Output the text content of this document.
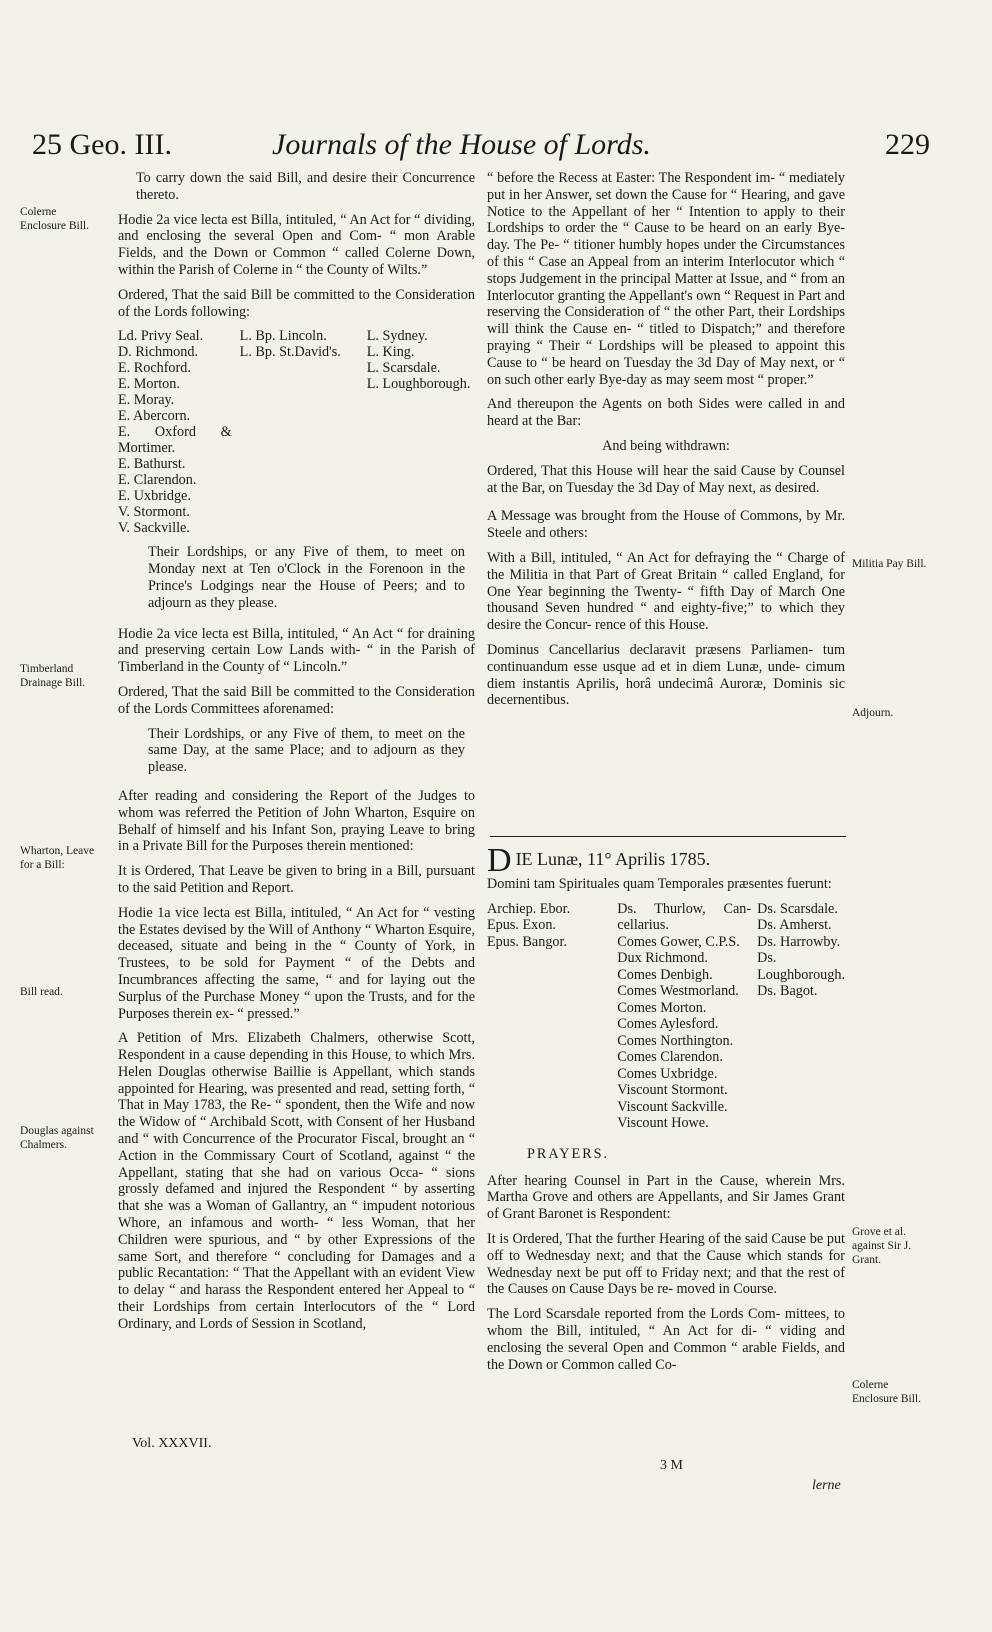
25 Geo. III.	Journals of the House of Lords.	229
Colerne Enclosure Bill.
Timberland Drainage Bill.
Wharton, Leave for a Bill:
Bill read.
Douglas against Chalmers.
Militia Pay Bill.
Adjourn.
Grove et al. against Sir J. Grant.
Colerne Enclosure Bill.

To carry down the said Bill, and desire their Concurrence thereto.

Hodie 2a vice lecta est Billa, intituled, “ An Act for “ dividing, and enclosing the several Open and Com- “ mon Arable Fields, and the Down or Common “ called Colerne Down, within the Parish of Colerne in “ the County of Wilts.”

Ordered, That the said Bill be committed to the Consideration of the Lords following:

Ld. Privy Seal.
D. Richmond.
E. Rochford.
E. Morton.
E. Moray.
E. Abercorn.
E. Oxford & Mortimer.
E. Bathurst.
E. Clarendon.
E. Uxbridge.
V. Stormont.
V. Sackville.
L. Bp. Lincoln.
L. Bp. St.David's.
L. Sydney.
L. King.
L. Scarsdale.
L. Loughborough.

Their Lordships, or any Five of them, to meet on Monday next at Ten o'Clock in the Forenoon in the Prince's Lodgings near the House of Peers; and to adjourn as they please.

Hodie 2a vice lecta est Billa, intituled, “ An Act “ for draining and preserving certain Low Lands with- “ in the Parish of Timberland in the County of “ Lincoln.”

Ordered, That the said Bill be committed to the Consideration of the Lords Committees aforenamed:

Their Lordships, or any Five of them, to meet on the same Day, at the same Place; and to adjourn as they please.

After reading and considering the Report of the Judges to whom was referred the Petition of John Wharton, Esquire on Behalf of himself and his Infant Son, praying Leave to bring in a Private Bill for the Purposes therein mentioned:

It is Ordered, That Leave be given to bring in a Bill, pursuant to the said Petition and Report.

Hodie 1a vice lecta est Billa, intituled, “ An Act for “ vesting the Estates devised by the Will of Anthony “ Wharton Esquire, deceased, situate and being in the “ County of York, in Trustees, to be sold for Payment “ of the Debts and Incumbrances affecting the same, “ and for laying out the Surplus of the Purchase Money “ upon the Trusts, and for the Purposes therein ex- “ pressed.”

A Petition of Mrs. Elizabeth Chalmers, otherwise Scott, Respondent in a cause depending in this House, to which Mrs. Helen Douglas otherwise Baillie is Appellant, which stands appointed for Hearing, was presented and read, setting forth, “ That in May 1783, the Re- “ spondent, then the Wife and now the Widow of “ Archibald Scott, with Consent of her Husband and “ with Concurrence of the Procurator Fiscal, brought an “ Action in the Commissary Court of Scotland, against “ the Appellant, stating that she had on various Occa- “ sions grossly defamed and injured the Respondent “ by asserting that she was a Woman of Gallantry, an “ impudent notorious Whore, an infamous and worth- “ less Woman, that her Children were spurious, and “ by other Expressions of the same Sort, and therefore “ concluding for Damages and a public Recantation: “ That the Appellant with an evident View to delay “ and harass the Respondent entered her Appeal to “ their Lordships from certain Interlocutors of the “ Lord Ordinary, and Lords of Session in Scotland,

Vol. XXXVII.

“ before the Recess at Easter: The Respondent im- “ mediately put in her Answer, set down the Cause for “ Hearing, and gave Notice to the Appellant of her “ Intention to apply to their Lordships to order the “ Cause to be heard on an early Bye-day. The Pe- “ titioner humbly hopes under the Circumstances of this “ Case an Appeal from an interim Interlocutor which “ stops Judgement in the principal Matter at Issue, and “ from an Interlocutor granting the Appellant's own “ Request in Part and reserving the Consideration of “ the other Part, their Lordships will think the Cause en- “ titled to Dispatch;” and therefore praying “ Their “ Lordships will be pleased to appoint this Cause to “ be heard on Tuesday the 3d Day of May next, or “ on such other early Bye-day as may seem most “ proper.”

And thereupon the Agents on both Sides were called in and heard at the Bar:

And being withdrawn:

Ordered, That this House will hear the said Cause by Counsel at the Bar, on Tuesday the 3d Day of May next, as desired.

A Message was brought from the House of Commons, by Mr. Steele and others:

With a Bill, intituled, “ An Act for defraying the “ Charge of the Militia in that Part of Great Britain “ called England, for One Year beginning the Twenty- “ fifth Day of March One thousand Seven hundred “ and eighty-five;” to which they desire the Concur- rence of this House.

Dominus Cancellarius declaravit præsens Parliamen- tum continuandum esse usque ad et in diem Lunæ, unde- cimum diem instantis Aprilis, horâ undecimâ Auroræ, Dominis sic decernentibus.

D IE Lunæ, 11° Aprilis 1785.

Domini tam Spirituales quam Temporales præsentes fuerunt:

Archiep. Ebor.
Epus. Exon.
Epus. Bangor.
Ds. Thurlow, Can- cellarius.
Comes Gower, C.P.S.
Dux Richmond.
Comes Denbigh.
Comes Westmorland.
Comes Morton.
Comes Aylesford.
Comes Northington.
Comes Clarendon.
Comes Uxbridge.
Viscount Stormont.
Viscount Sackville.
Viscount Howe.
Ds. Scarsdale.
Ds. Amherst.
Ds. Harrowby.
Ds. Loughborough.
Ds. Bagot.

PRAYERS.

After hearing Counsel in Part in the Cause, wherein Mrs. Martha Grove and others are Appellants, and Sir James Grant of Grant Baronet is Respondent:

It is Ordered, That the further Hearing of the said Cause be put off to Wednesday next; and that the Cause which stands for Wednesday next be put off to Friday next; and that the rest of the Causes on Cause Days be re- moved in Course.

The Lord Scarsdale reported from the Lords Com- mittees, to whom the Bill, intituled, “ An Act for di- “ viding and enclosing the several Open and Common “ arable Fields, and the Down or Common called Co-

3 M
lerne
